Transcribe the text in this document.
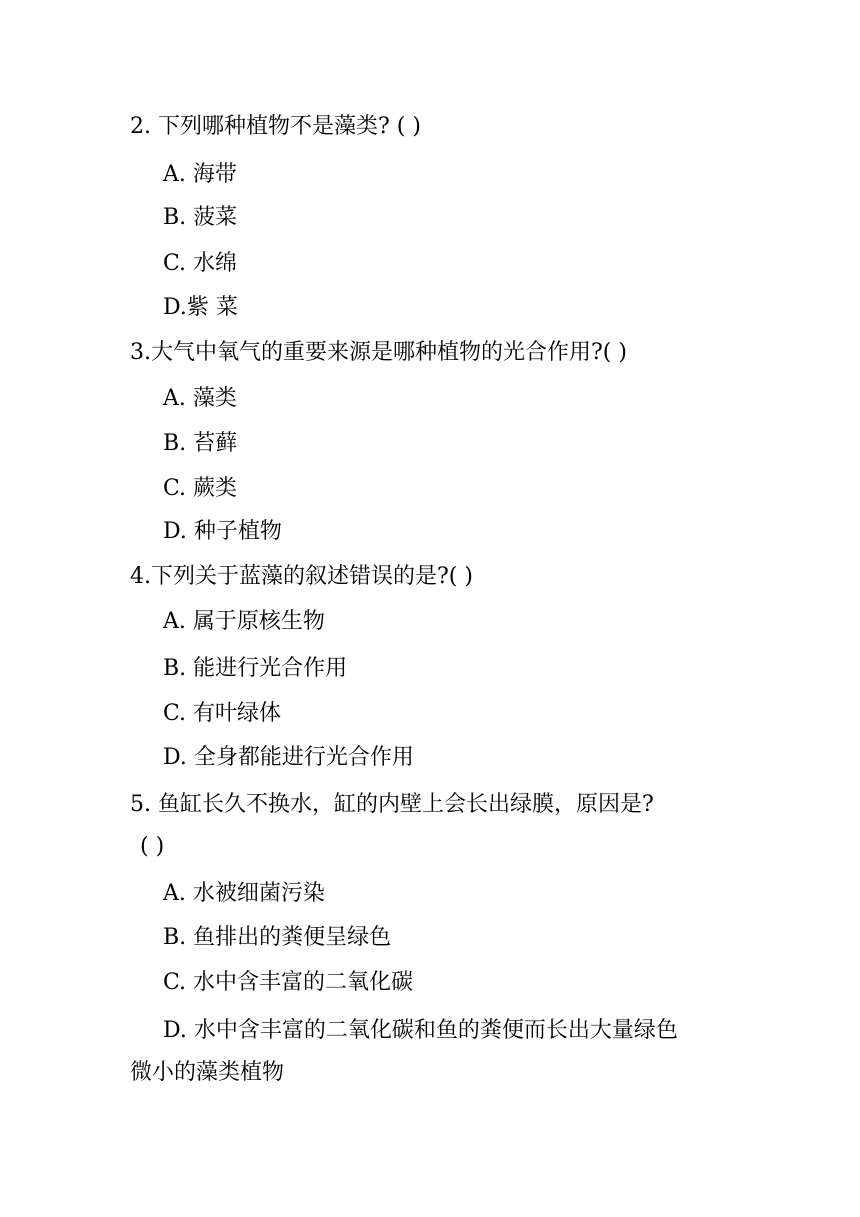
2. 下列哪种植物不是藻类? ( )
A. 海带
B. 菠菜
C. 水绵
D.紫 菜
3.大气中氧气的重要来源是哪种植物的光合作用?( )
A. 藻类
B. 苔藓
C. 蕨类
D. 种子植物
4.下列关于蓝藻的叙述错误的是?( )
A. 属于原核生物
B. 能进行光合作用
C. 有叶绿体
D. 全身都能进行光合作用
5. 鱼缸长久不换水，缸的内壁上会长出绿膜，原因是?
( )
A. 水被细菌污染
B. 鱼排出的粪便呈绿色
C. 水中含丰富的二氧化碳
D. 水中含丰富的二氧化碳和鱼的粪便而长出大量绿色
微小的藻类植物
